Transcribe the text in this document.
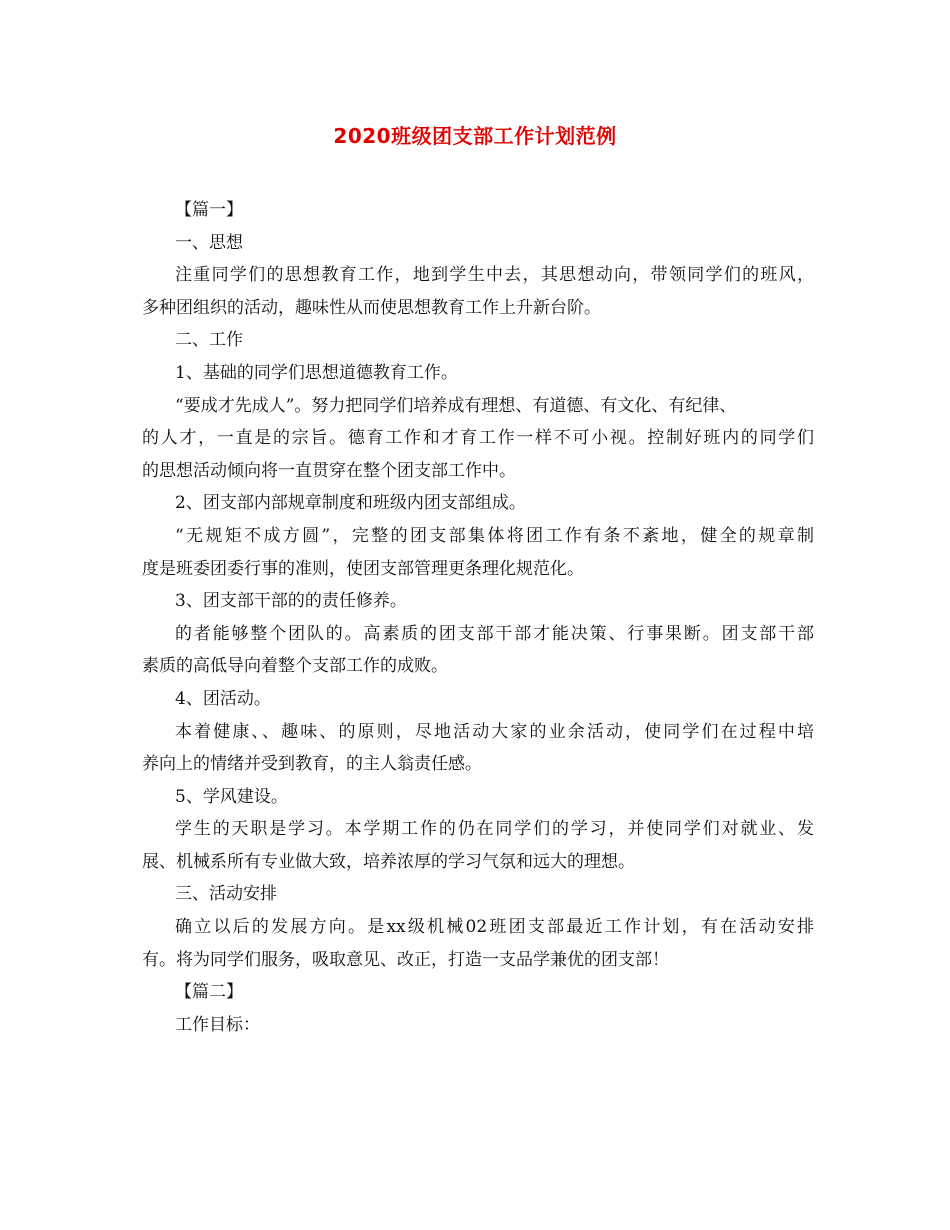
2020班级团支部工作计划范例
【篇一】
一、思想
注重同学们的思想教育工作，地到学生中去，其思想动向，带领同学们的班风，
多种团组织的活动，趣味性从而使思想教育工作上升新台阶。
二、工作
1、基础的同学们思想道德教育工作。
“要成才先成人”。努力把同学们培养成有理想、有道德、有文化、有纪律、
的人才，一直是的宗旨。德育工作和才育工作一样不可小视。控制好班内的同学们
的思想活动倾向将一直贯穿在整个团支部工作中。
2、团支部内部规章制度和班级内团支部组成。
“无规矩不成方圆”，完整的团支部集体将团工作有条不紊地，健全的规章制
度是班委团委行事的准则，使团支部管理更条理化规范化。
3、团支部干部的的责任修养。
的者能够整个团队的。高素质的团支部干部才能决策、行事果断。团支部干部
素质的高低导向着整个支部工作的成败。
4、团活动。
本着健康、、趣味、的原则，尽地活动大家的业余活动，使同学们在过程中培
养向上的情绪并受到教育，的主人翁责任感。
5、学风建设。
学生的天职是学习。本学期工作的仍在同学们的学习，并使同学们对就业、发
展、机械系所有专业做大致，培养浓厚的学习气氛和远大的理想。
三、活动安排
确立以后的发展方向。是xx级机械02班团支部最近工作计划，有在活动安排
有。将为同学们服务，吸取意见、改正，打造一支品学兼优的团支部！
【篇二】
工作目标：
